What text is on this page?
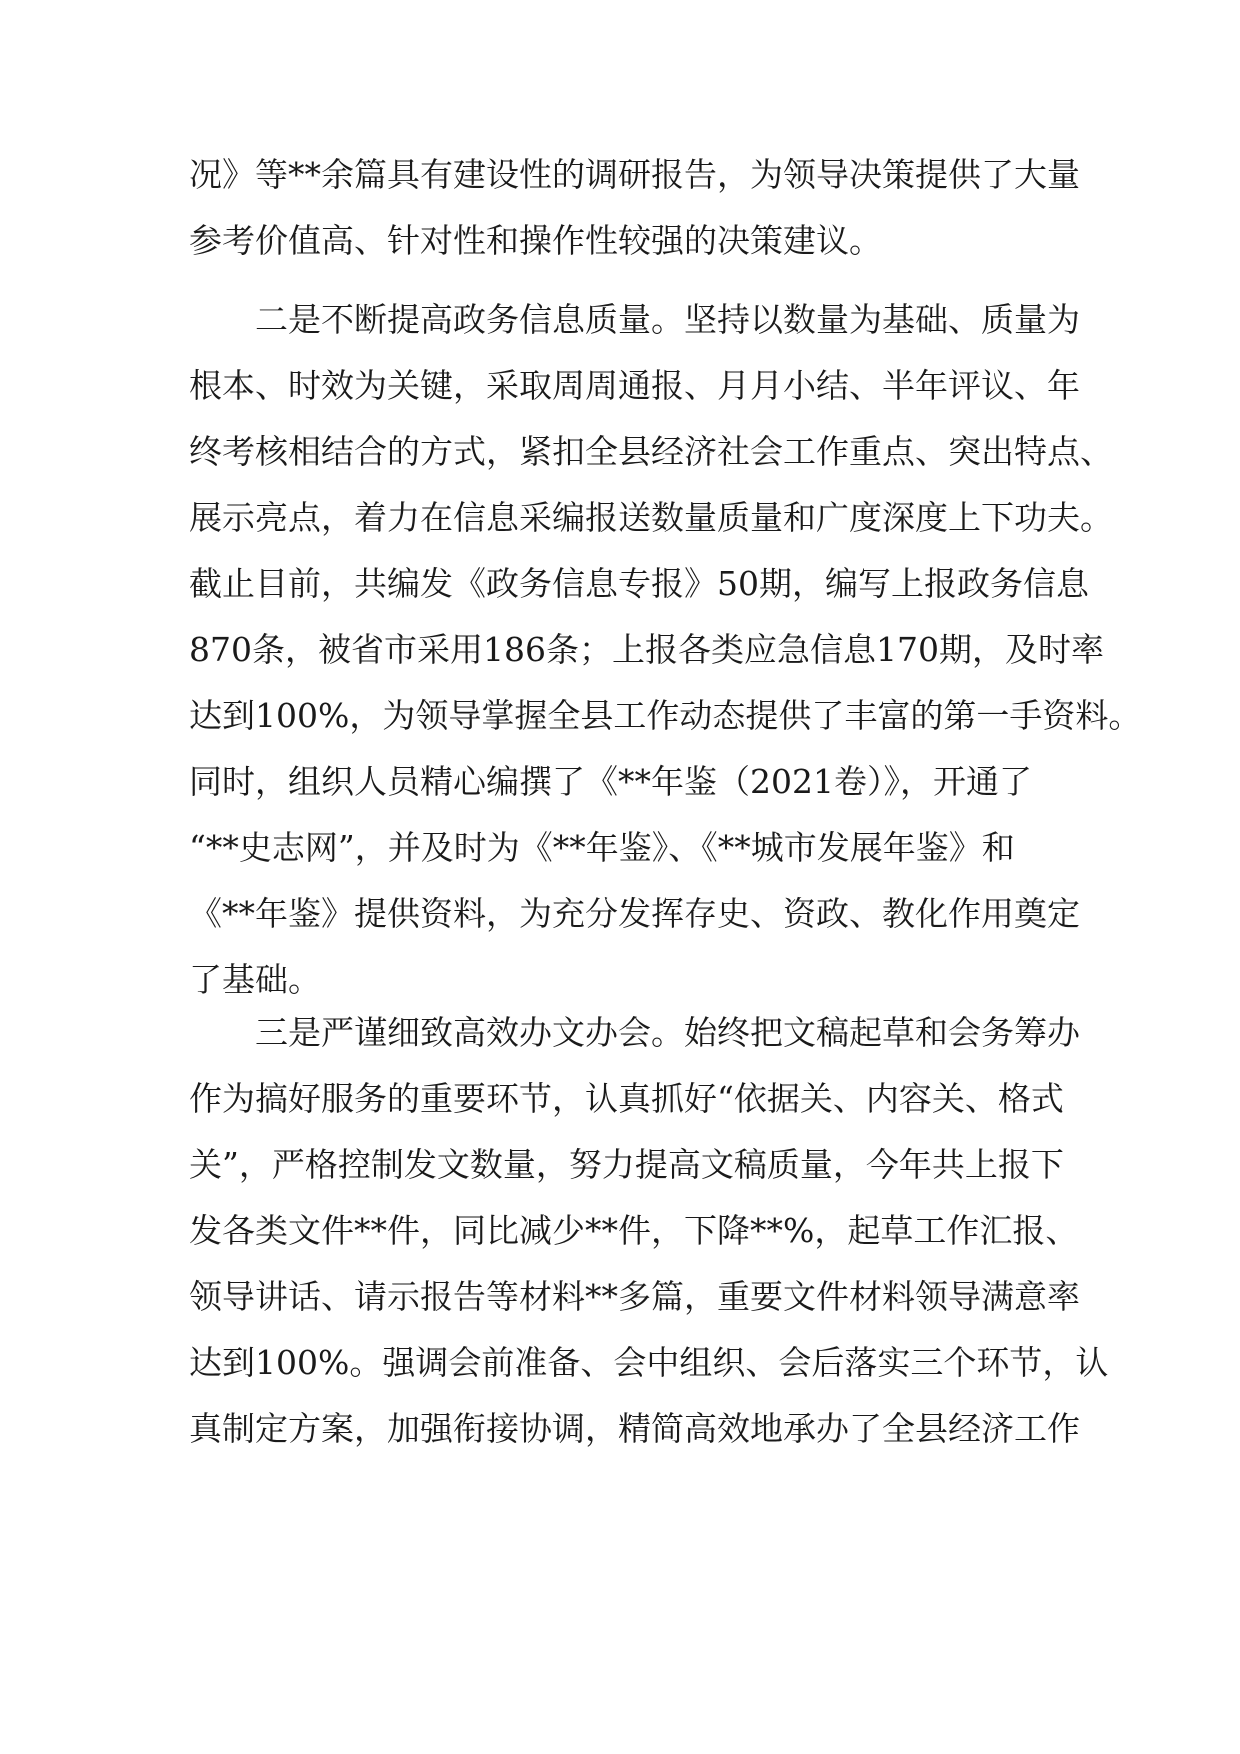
况》等**余篇具有建设性的调研报告，为领导决策提供了大量
参考价值高、针对性和操作性较强的决策建议。
二是不断提高政务信息质量。坚持以数量为基础、质量为
根本、时效为关键，采取周周通报、月月小结、半年评议、年
终考核相结合的方式，紧扣全县经济社会工作重点、突出特点、
展示亮点，着力在信息采编报送数量质量和广度深度上下功夫。
截止目前，共编发《政务信息专报》50期，编写上报政务信息
870条，被省市采用186条；上报各类应急信息170期，及时率
达到100%，为领导掌握全县工作动态提供了丰富的第一手资料。
同时，组织人员精心编撰了《**年鉴（2021卷）》，开通了
“**史志网”，并及时为《**年鉴》、《**城市发展年鉴》和
《**年鉴》提供资料，为充分发挥存史、资政、教化作用奠定
了基础。
三是严谨细致高效办文办会。始终把文稿起草和会务筹办
作为搞好服务的重要环节，认真抓好“依据关、内容关、格式
关”，严格控制发文数量，努力提高文稿质量，今年共上报下
发各类文件**件，同比减少**件，下降**%，起草工作汇报、
领导讲话、请示报告等材料**多篇，重要文件材料领导满意率
达到100%。强调会前准备、会中组织、会后落实三个环节，认
真制定方案，加强衔接协调，精简高效地承办了全县经济工作
